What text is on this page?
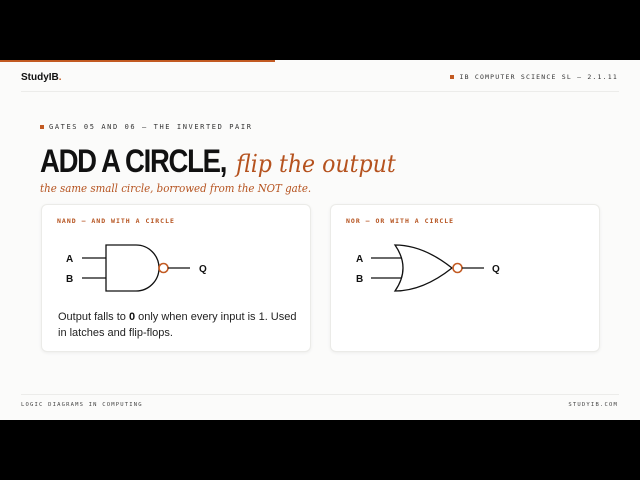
StudyIB.	IB COMPUTER SCIENCE SL — 2.1.11
GATES 05 AND 06 — THE INVERTED PAIR
ADD A CIRCLE, flip the output
the same small circle, borrowed from the NOT gate.
NAND — AND WITH A CIRCLE
A
B
Q
Output falls to 0 only when every input is 1. Used in latches and flip-flops.
NOR — OR WITH A CIRCLE
A
B
Q
LOGIC DIAGRAMS IN COMPUTING	STUDYIB.COM
